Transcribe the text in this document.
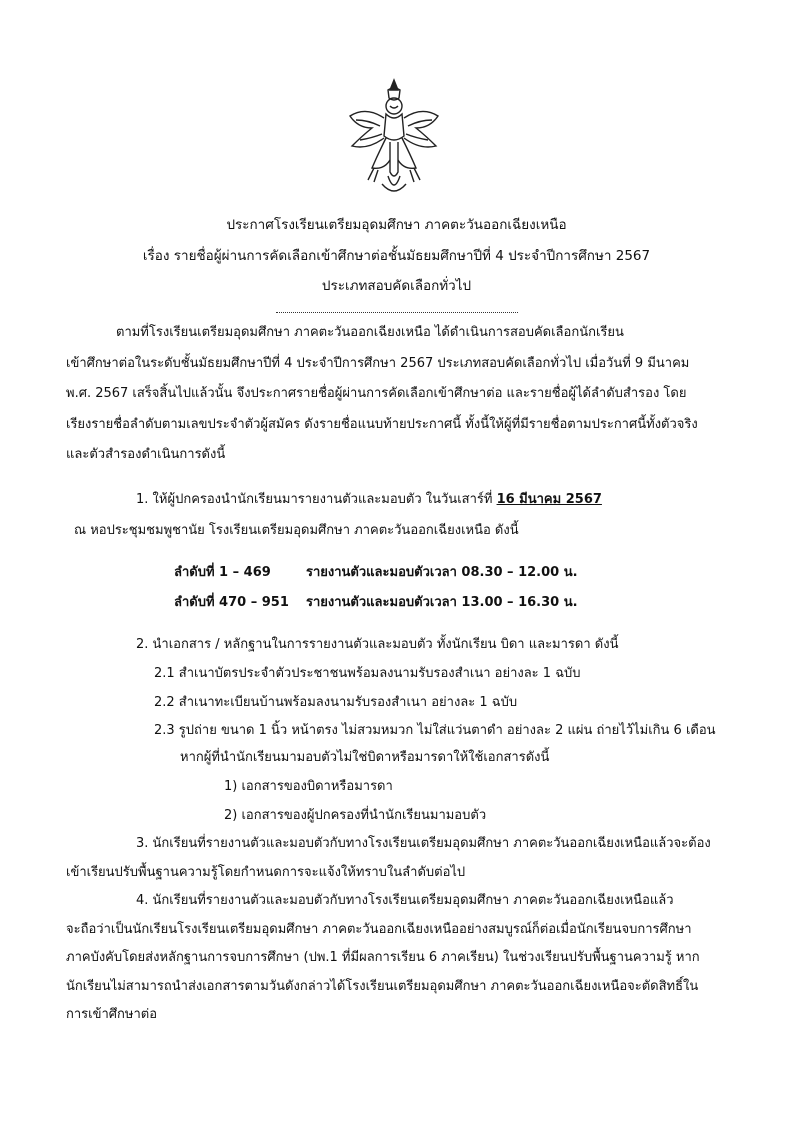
ประกาศโรงเรียนเตรียมอุดมศึกษา ภาคตะวันออกเฉียงเหนือ
เรื่อง รายชื่อผู้ผ่านการคัดเลือกเข้าศึกษาต่อชั้นมัธยมศึกษาปีที่ 4 ประจำปีการศึกษา 2567
ประเภทสอบคัดเลือกทั่วไป
ตามที่โรงเรียนเตรียมอุดมศึกษา ภาคตะวันออกเฉียงเหนือ ได้ดำเนินการสอบคัดเลือกนักเรียน
เข้าศึกษาต่อในระดับชั้นมัธยมศึกษาปีที่ 4 ประจำปีการศึกษา 2567 ประเภทสอบคัดเลือกทั่วไป เมื่อวันที่ 9 มีนาคม
พ.ศ. 2567 เสร็จสิ้นไปแล้วนั้น จึงประกาศรายชื่อผู้ผ่านการคัดเลือกเข้าศึกษาต่อ และรายชื่อผู้ได้ลำดับสำรอง โดย
เรียงรายชื่อลำดับตามเลขประจำตัวผู้สมัคร ดังรายชื่อแนบท้ายประกาศนี้ ทั้งนี้ให้ผู้ที่มีรายชื่อตามประกาศนี้ทั้งตัวจริง
และตัวสำรองดำเนินการดังนี้
1. ให้ผู้ปกครองนำนักเรียนมารายงานตัวและมอบตัว ในวันเสาร์ที่ 16 มีนาคม 2567
ณ หอประชุมชมพูชานัย โรงเรียนเตรียมอุดมศึกษา ภาคตะวันออกเฉียงเหนือ ดังนี้
ลำดับที่ 1 – 469	รายงานตัวและมอบตัวเวลา 08.30 – 12.00 น.
ลำดับที่ 470 – 951 รายงานตัวและมอบตัวเวลา 13.00 – 16.30 น.
2. นำเอกสาร / หลักฐานในการรายงานตัวและมอบตัว ทั้งนักเรียน บิดา และมารดา ดังนี้
2.1 สำเนาบัตรประจำตัวประชาชนพร้อมลงนามรับรองสำเนา อย่างละ 1 ฉบับ
2.2 สำเนาทะเบียนบ้านพร้อมลงนามรับรองสำเนา อย่างละ 1 ฉบับ
2.3 รูปถ่าย ขนาด 1 นิ้ว หน้าตรง ไม่สวมหมวก ไม่ใส่แว่นตาดำ อย่างละ 2 แผ่น ถ่ายไว้ไม่เกิน 6 เดือน
หากผู้ที่นำนักเรียนมามอบตัวไม่ใช่บิดาหรือมารดาให้ใช้เอกสารดังนี้
1) เอกสารของบิดาหรือมารดา
2) เอกสารของผู้ปกครองที่นำนักเรียนมามอบตัว
3. นักเรียนที่รายงานตัวและมอบตัวกับทางโรงเรียนเตรียมอุดมศึกษา ภาคตะวันออกเฉียงเหนือแล้วจะต้อง
เข้าเรียนปรับพื้นฐานความรู้โดยกำหนดการจะแจ้งให้ทราบในลำดับต่อไป
4. นักเรียนที่รายงานตัวและมอบตัวกับทางโรงเรียนเตรียมอุดมศึกษา ภาคตะวันออกเฉียงเหนือแล้ว
จะถือว่าเป็นนักเรียนโรงเรียนเตรียมอุดมศึกษา ภาคตะวันออกเฉียงเหนืออย่างสมบูรณ์ก็ต่อเมื่อนักเรียนจบการศึกษา
ภาคบังคับโดยส่งหลักฐานการจบการศึกษา (ปพ.1 ที่มีผลการเรียน 6 ภาคเรียน) ในช่วงเรียนปรับพื้นฐานความรู้ หาก
นักเรียนไม่สามารถนำส่งเอกสารตามวันดังกล่าวได้โรงเรียนเตรียมอุดมศึกษา ภาคตะวันออกเฉียงเหนือจะตัดสิทธิ์ใน
การเข้าศึกษาต่อ
